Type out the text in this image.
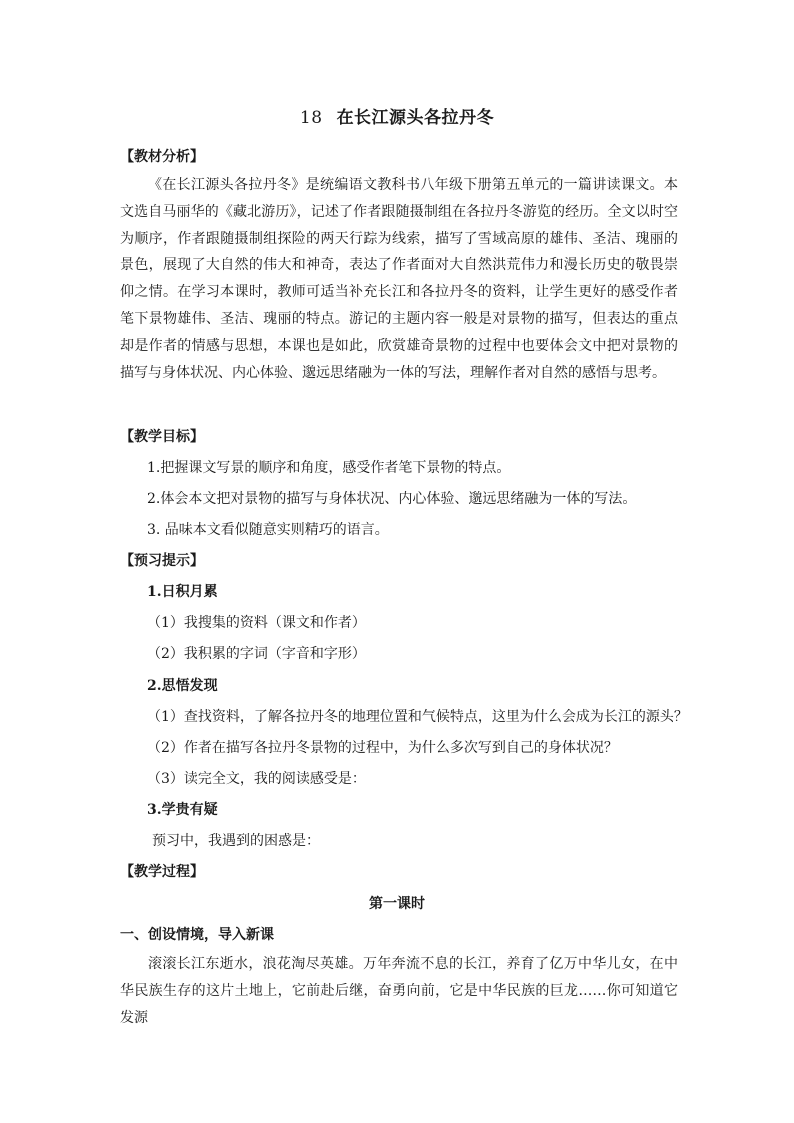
18 在长江源头各拉丹冬
【教材分析】

《在长江源头各拉丹冬》是统编语文教科书八年级下册第五单元的一篇讲读课文。本文选自马丽华的《藏北游历》，记述了作者跟随摄制组在各拉丹冬游览的经历。全文以时空为顺序，作者跟随摄制组探险的两天行踪为线索，描写了雪域高原的雄伟、圣洁、瑰丽的景色，展现了大自然的伟大和神奇，表达了作者面对大自然洪荒伟力和漫长历史的敬畏崇仰之情。在学习本课时，教师可适当补充长江和各拉丹冬的资料，让学生更好的感受作者笔下景物雄伟、圣洁、瑰丽的特点。游记的主题内容一般是对景物的描写，但表达的重点却是作者的情感与思想，本课也是如此，欣赏雄奇景物的过程中也要体会文中把对景物的描写与身体状况、内心体验、邈远思绪融为一体的写法，理解作者对自然的感悟与思考。

【教学目标】
1.把握课文写景的顺序和角度，感受作者笔下景物的特点。
2.体会本文把对景物的描写与身体状况、内心体验、邈远思绪融为一体的写法。
3. 品味本文看似随意实则精巧的语言。
【预习提示】
1.日积月累
（1）我搜集的资料（课文和作者）
（2）我积累的字词（字音和字形）
2.思悟发现
（1）查找资料，了解各拉丹冬的地理位置和气候特点，这里为什么会成为长江的源头？
（2）作者在描写各拉丹冬景物的过程中，为什么多次写到自己的身体状况？
（3）读完全文，我的阅读感受是：
3.学贵有疑
预习中，我遇到的困惑是：
【教学过程】
第一课时
一、创设情境，导入新课

滚滚长江东逝水，浪花淘尽英雄。万年奔流不息的长江，养育了亿万中华儿女，在中华民族生存的这片土地上，它前赴后继，奋勇向前，它是中华民族的巨龙……你可知道它发源
